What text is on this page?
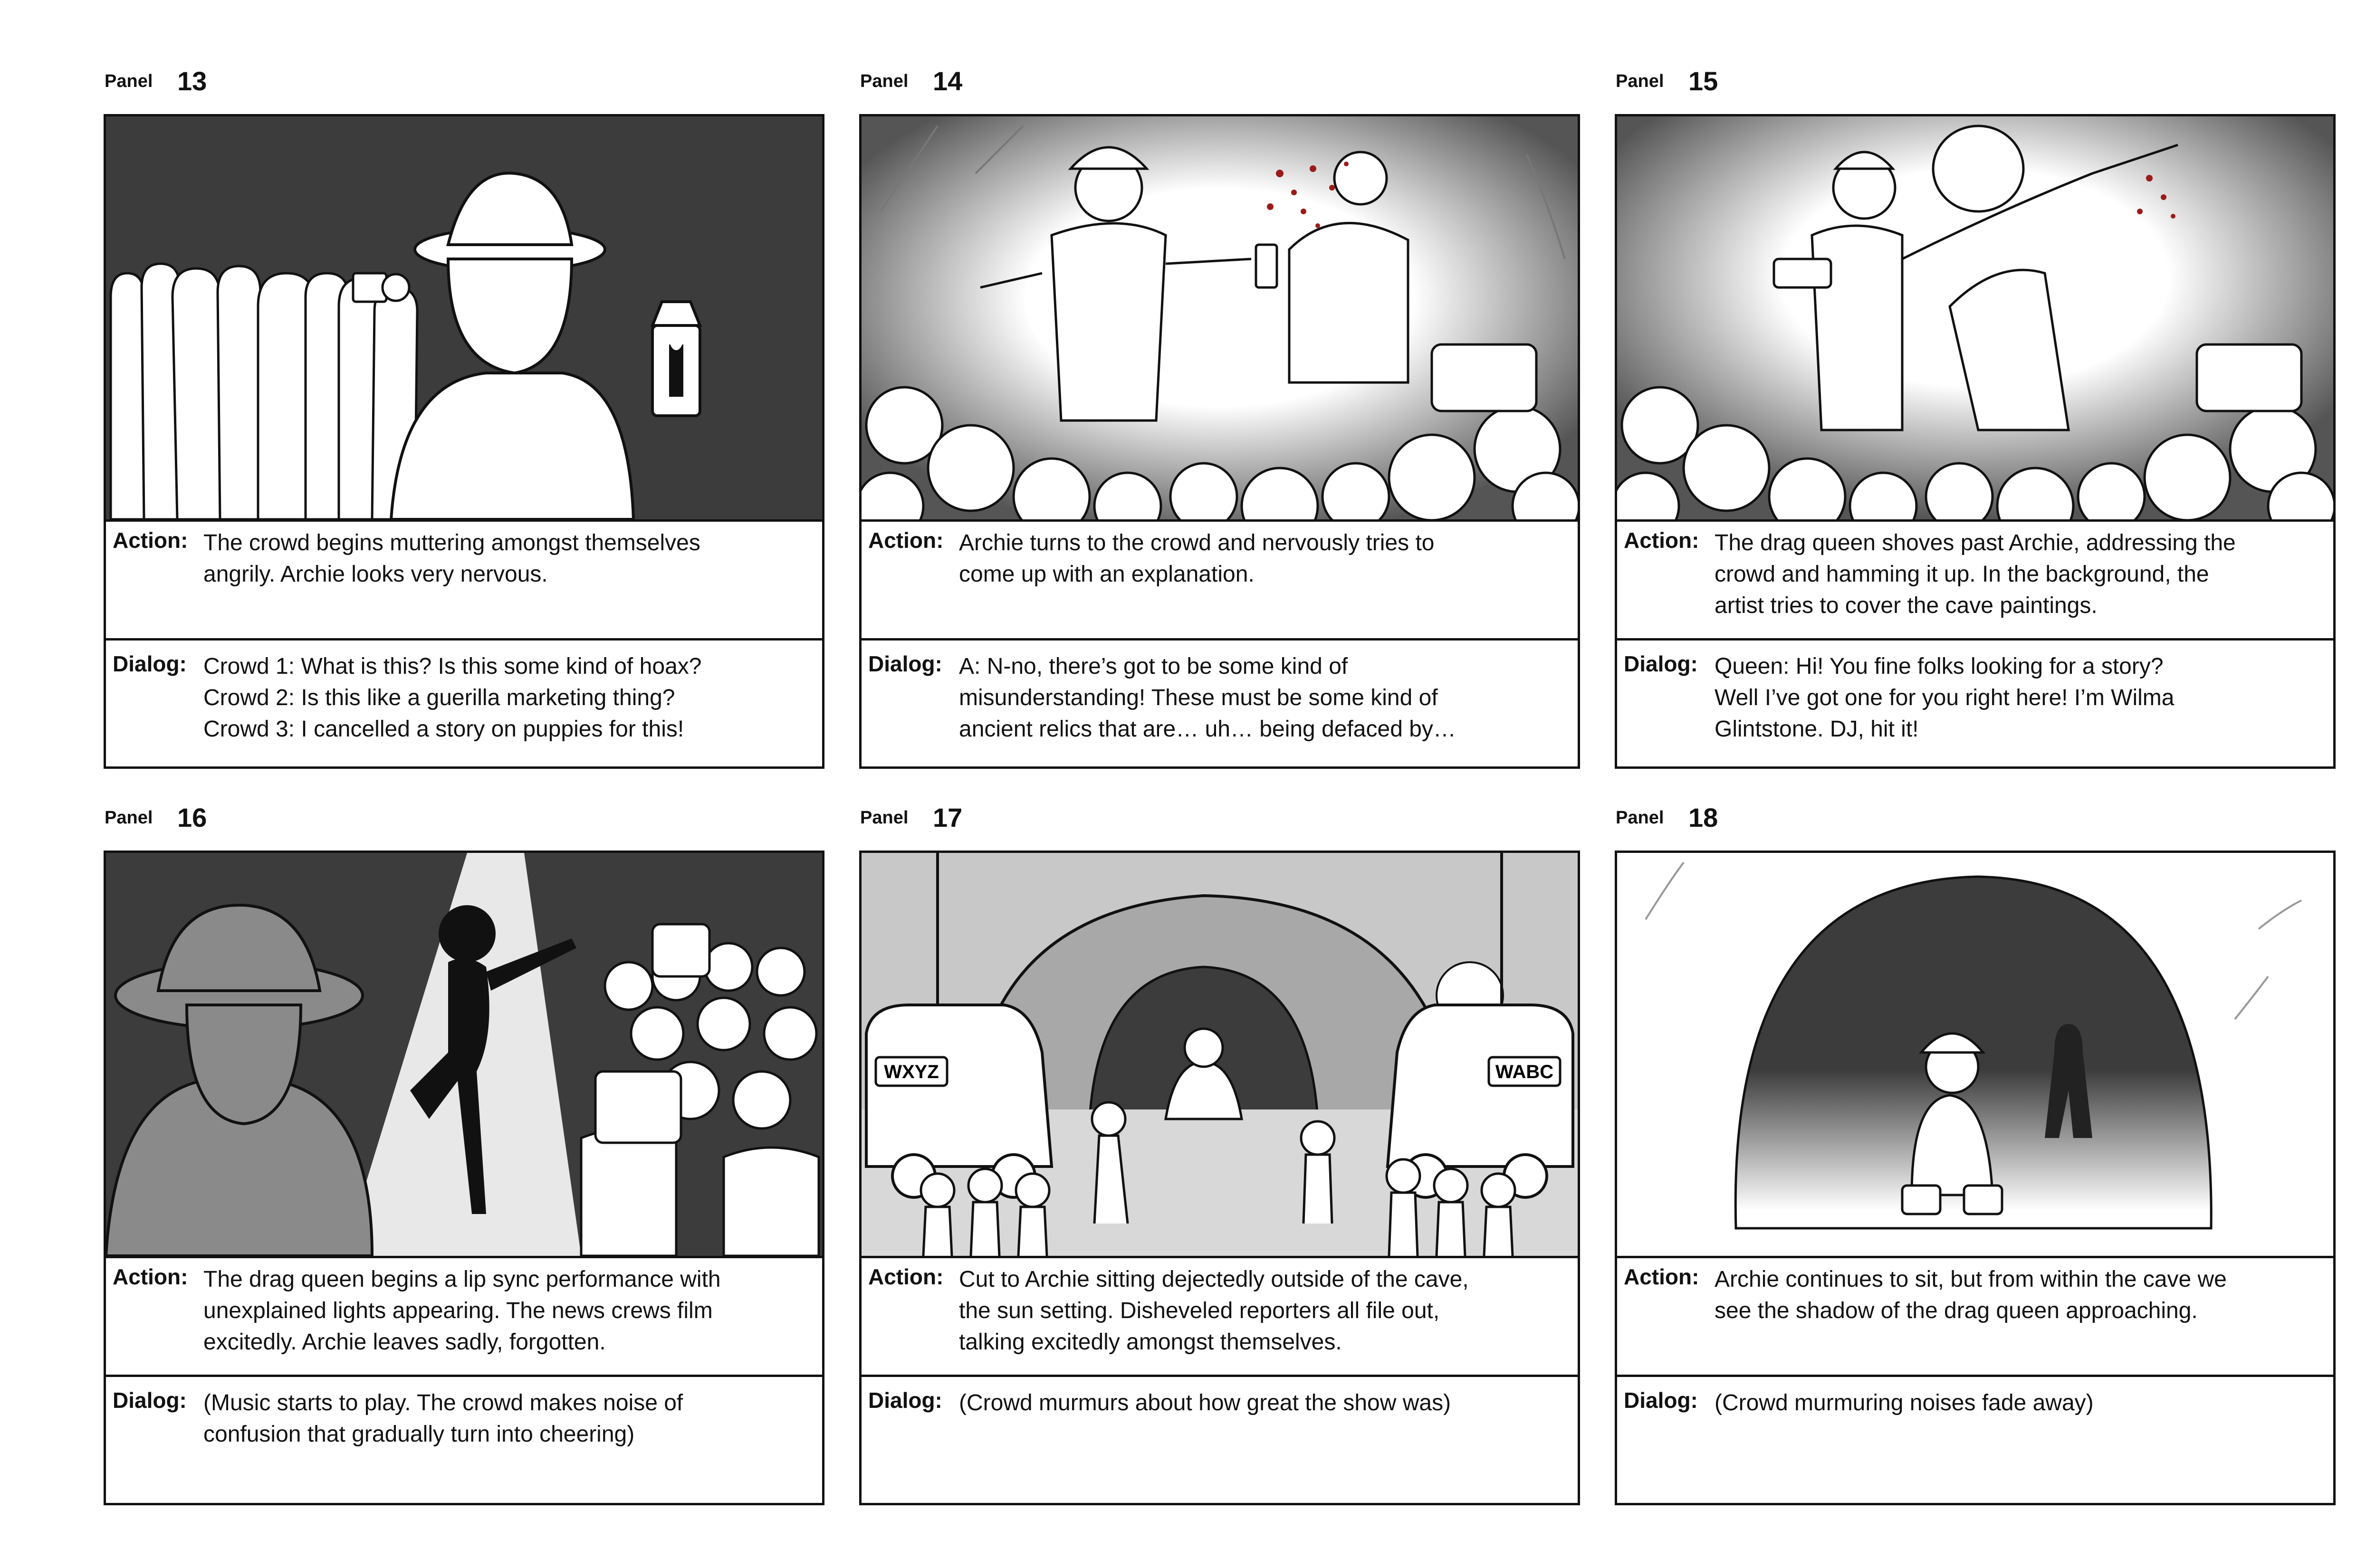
Panel 13
Action: The crowd begins muttering amongst themselves
angrily. Archie looks very nervous.
Dialog: Crowd 1: What is this? Is this some kind of hoax?
Crowd 2: Is this like a guerilla marketing thing?
Crowd 3: I cancelled a story on puppies for this!
Panel 14
Action: Archie turns to the crowd and nervously tries to
come up with an explanation.
Dialog: A: N-no, there’s got to be some kind of
misunderstanding! These must be some kind of
ancient relics that are… uh… being defaced by…
Panel 15
Action: The drag queen shoves past Archie, addressing the
crowd and hamming it up. In the background, the
artist tries to cover the cave paintings.
Dialog: Queen: Hi! You fine folks looking for a story?
Well I’ve got one for you right here! I’m Wilma
Glintstone. DJ, hit it!
Panel 16
Action: The drag queen begins a lip sync performance with
unexplained lights appearing. The news crews film
excitedly. Archie leaves sadly, forgotten.
Dialog: (Music starts to play. The crowd makes noise of
confusion that gradually turn into cheering)
Panel 17
WXYZ	WABC
Action: Cut to Archie sitting dejectedly outside of the cave,
the sun setting. Disheveled reporters all file out,
talking excitedly amongst themselves.
Dialog: (Crowd murmurs about how great the show was)
Panel 18
Action: Archie continues to sit, but from within the cave we
see the shadow of the drag queen approaching.
Dialog: (Crowd murmuring noises fade away)
